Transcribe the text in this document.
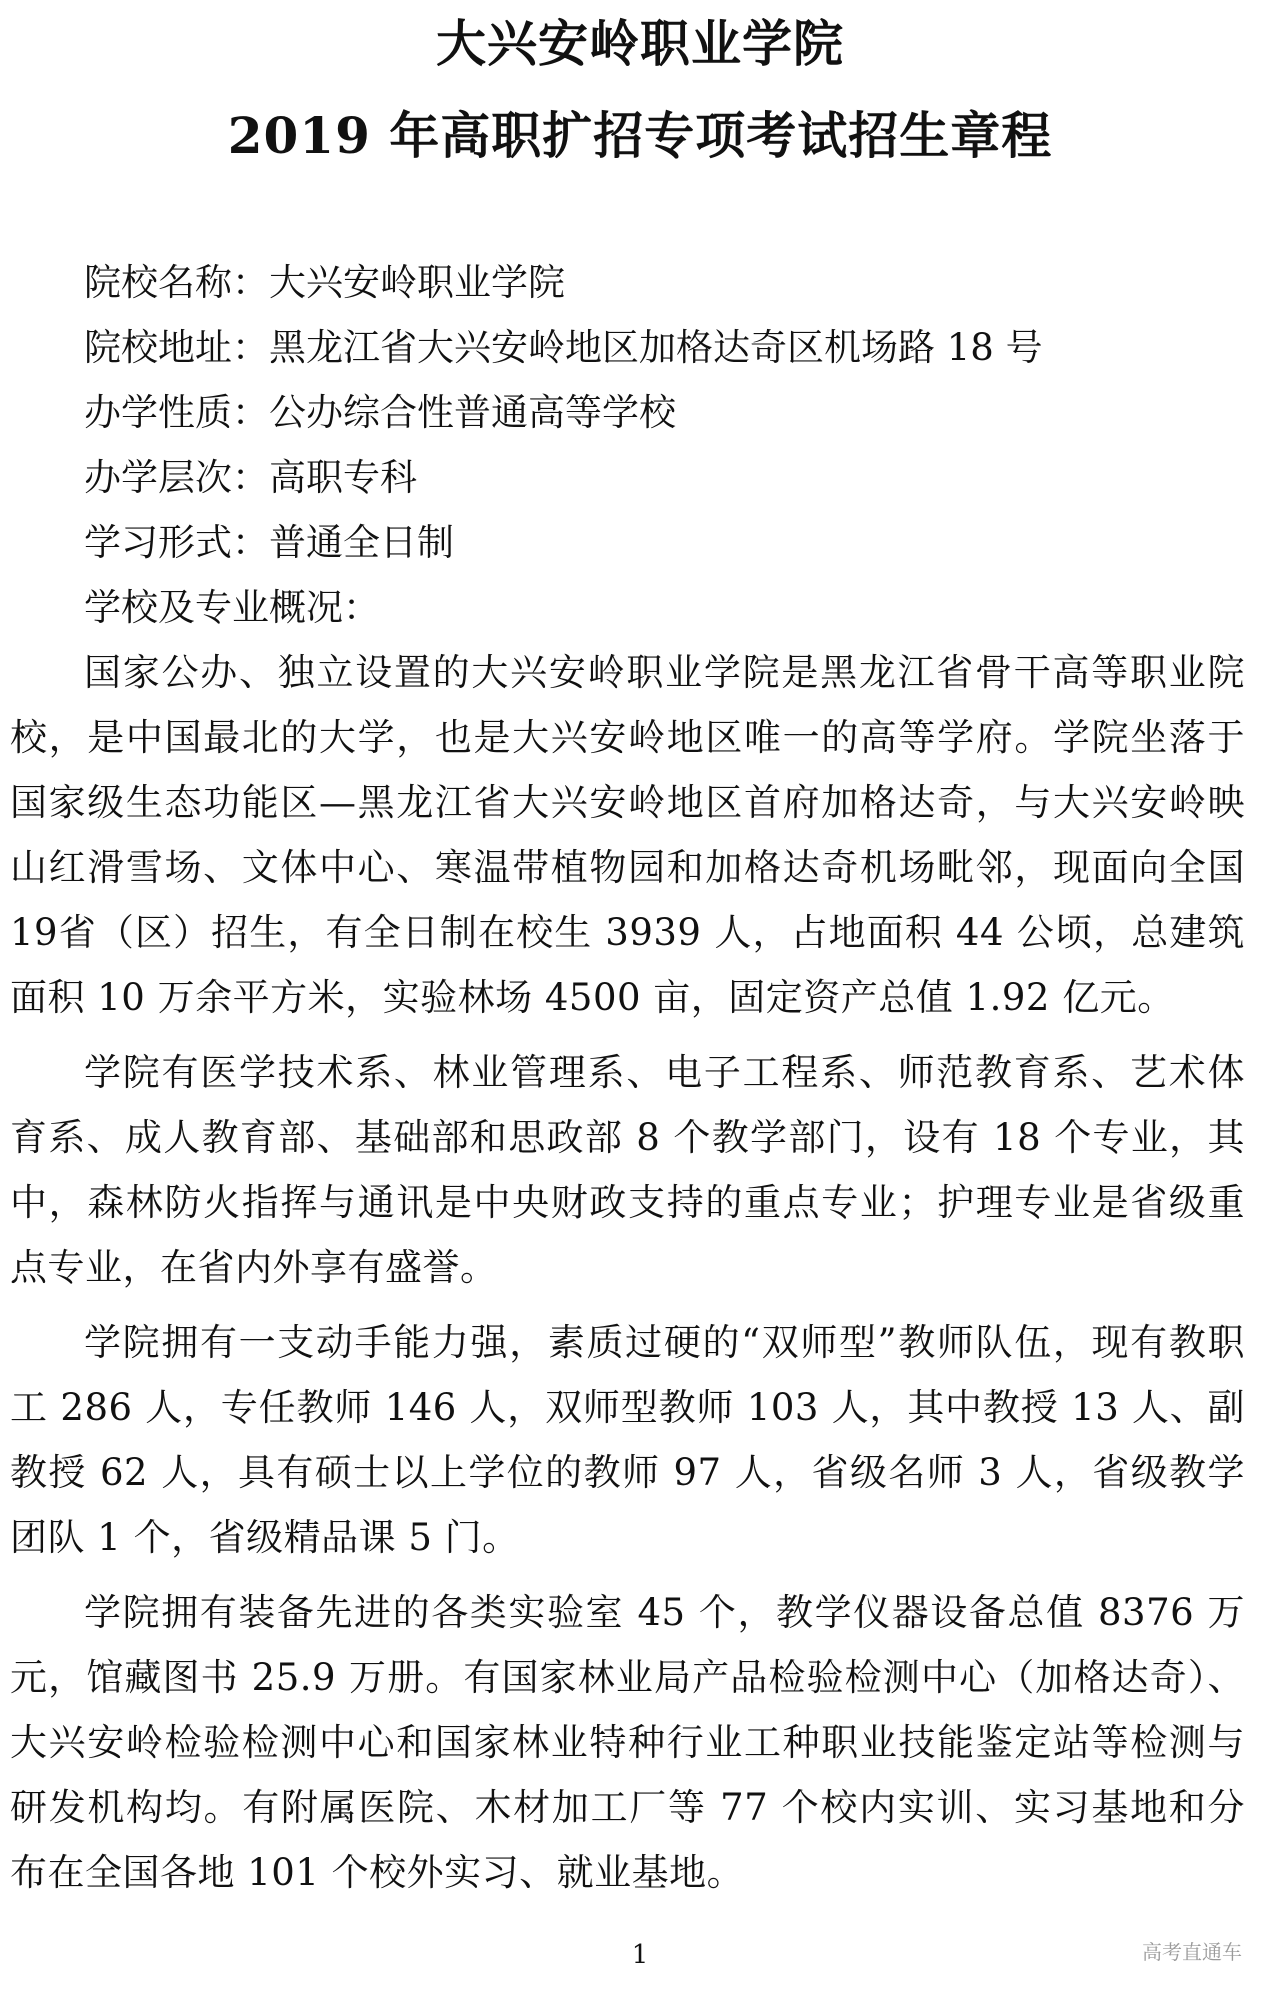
大兴安岭职业学院
2019 年高职扩招专项考试招生章程
院校名称：大兴安岭职业学院
院校地址：黑龙江省大兴安岭地区加格达奇区机场路 18 号
办学性质：公办综合性普通高等学校
办学层次：高职专科
学习形式：普通全日制
学校及专业概况：

国家公办、独立设置的大兴安岭职业学院是黑龙江省骨干高等职业院校，是中国最北的大学，也是大兴安岭地区唯一的高等学府。学院坐落于国家级生态功能区—黑龙江省大兴安岭地区首府加格达奇，与大兴安岭映山红滑雪场、文体中心、寒温带植物园和加格达奇机场毗邻，现面向全国19省（区）招生，有全日制在校生 3939 人，占地面积 44 公顷，总建筑面积 10 万余平方米，实验林场 4500 亩，固定资产总值 1.92 亿元。

学院有医学技术系、林业管理系、电子工程系、师范教育系、艺术体育系、成人教育部、基础部和思政部 8 个教学部门，设有 18 个专业，其中，森林防火指挥与通讯是中央财政支持的重点专业；护理专业是省级重点专业，在省内外享有盛誉。

学院拥有一支动手能力强，素质过硬的“双师型”教师队伍，现有教职工 286 人，专任教师 146 人，双师型教师 103 人，其中教授 13 人、副教授 62 人，具有硕士以上学位的教师 97 人，省级名师 3 人，省级教学团队 1 个，省级精品课 5 门。

学院拥有装备先进的各类实验室 45 个，教学仪器设备总值 8376 万元，馆藏图书 25.9 万册。有国家林业局产品检验检测中心（加格达奇）、大兴安岭检验检测中心和国家林业特种行业工种职业技能鉴定站等检测与研发机构均。有附属医院、木材加工厂等 77 个校内实训、实习基地和分布在全国各地 101 个校外实习、就业基地。

1	高考直通车
